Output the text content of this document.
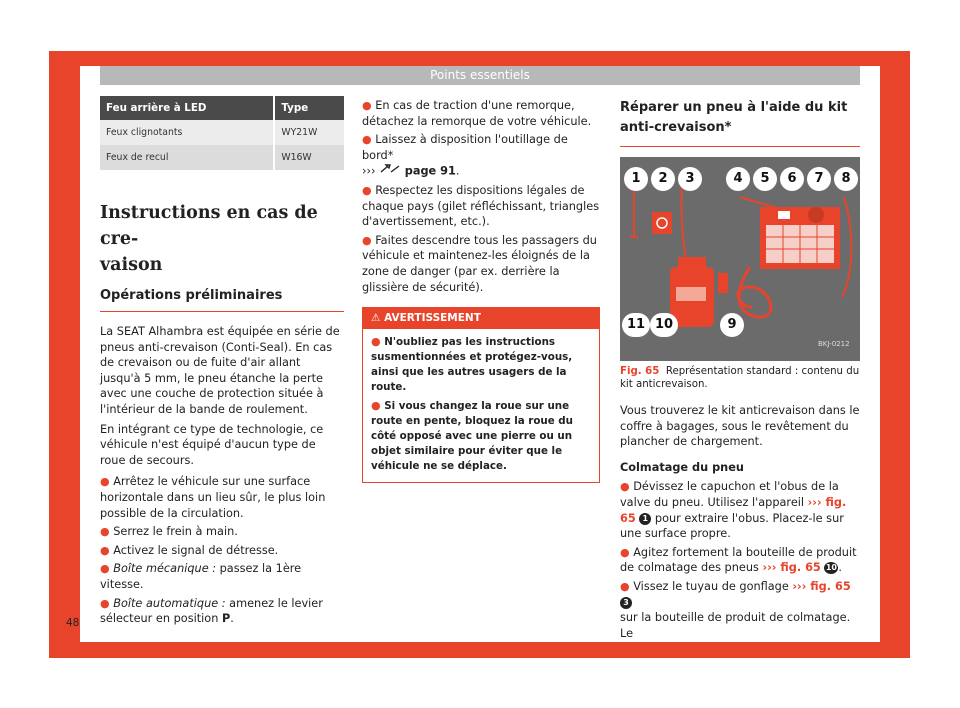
Points essentiels
Feu arrière à LED	Type
Feux clignotants	WY21W
Feux de recul	W16W
Instructions en cas de cre-
vaison
Opérations préliminaires

La SEAT Alhambra est équipée en série de pneus anti-crevaison (Conti-Seal). En cas de crevaison ou de fuite d'air allant jusqu'à 5 mm, le pneu étanche la perte avec une couche de protection située à l'intérieur de la bande de roulement.

En intégrant ce type de technologie, ce véhicule n'est équipé d'aucun type de roue de secours.

● Arrêtez le véhicule sur une surface horizontale dans un lieu sûr, le plus loin possible de la circulation.

● Serrez le frein à main.

● Activez le signal de détresse.

● Boîte mécanique : passez la 1ère vitesse.

● Boîte automatique : amenez le levier sélecteur en position P.

● En cas de traction d'une remorque, détachez la remorque de votre véhicule.

● Laissez à disposition l'outillage de bord*
›››	page 91.

● Respectez les dispositions légales de chaque pays (gilet réfléchissant, triangles d'avertissement, etc.).

● Faites descendre tous les passagers du véhicule et maintenez-les éloignés de la zone de danger (par ex. derrière la glissière de sécurité).

⚠ AVERTISSEMENT

● N'oubliez pas les instructions susmentionnées et protégez-vous, ainsi que les autres usagers de la route.

● Si vous changez la roue sur une route en pente, bloquez la roue du côté opposé avec une pierre ou un objet similaire pour éviter que le véhicule ne se déplace.

Réparer un pneu à l'aide du kit anti-crevaison*
BKJ-0212
1	2	3	4	5	6	7	8
9
10
11

Fig. 65 Représentation standard : contenu du kit anticrevaison.

Vous trouverez le kit anticrevaison dans le coffre à bagages, sous le revêtement du plancher de chargement.

Colmatage du pneu

● Dévissez le capuchon et l'obus de la valve du pneu. Utilisez l'appareil ››› fig. 65 1 pour extraire l'obus. Placez-le sur une surface propre.

● Agitez fortement la bouteille de produit de colmatage des pneus ››› fig. 65 10.

● Vissez le tuyau de gonflage ››› fig. 65 3
sur la bouteille de produit de colmatage. Le

48
